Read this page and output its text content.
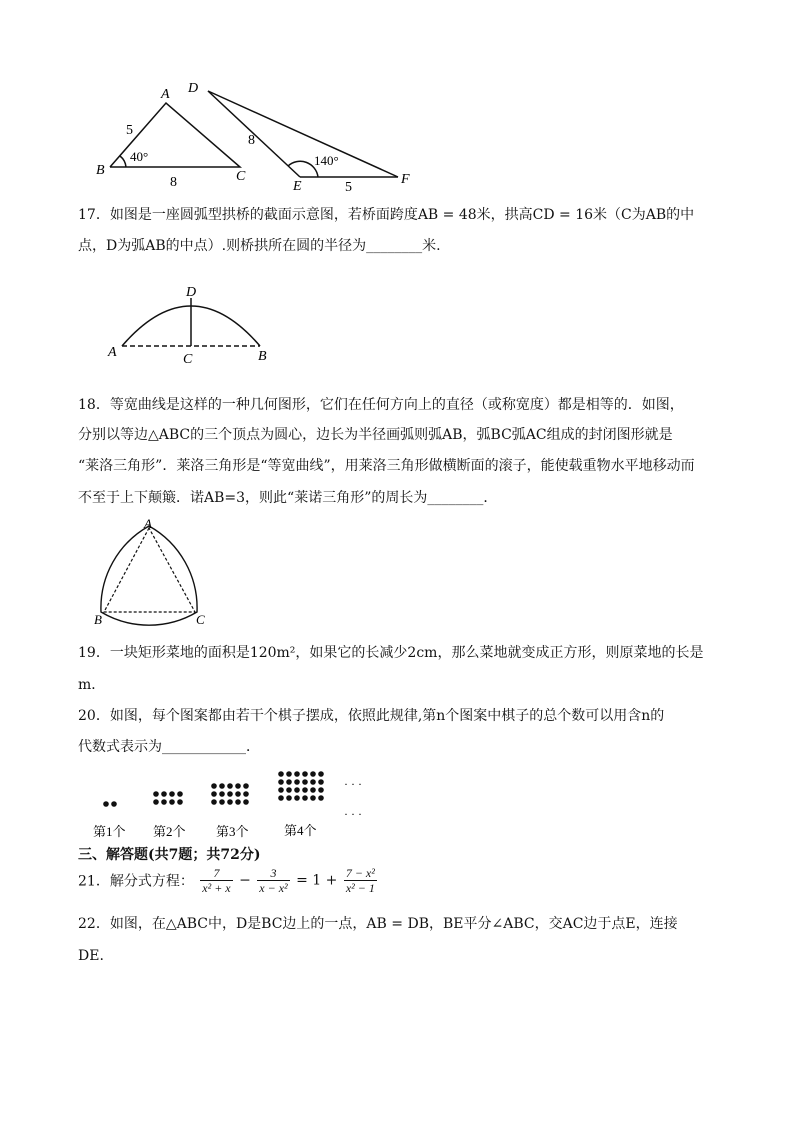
A
B	C
5
8
40°
D
E	F
8
5
140°
17．如图是一座圆弧型拱桥的截面示意图，若桥面跨度AB = 48米，拱高CD = 16米（C为AB的中
点，D为弧AB的中点）.则桥拱所在圆的半径为________米.
D
A	C	B
18．等宽曲线是这样的一种几何图形，它们在任何方向上的直径（或称宽度）都是相等的．如图，
分别以等边△ABC的三个顶点为圆心，边长为半径画弧则弧AB，弧BC弧AC组成的封闭图形就是
“莱洛三角形”．莱洛三角形是“等宽曲线”，用莱洛三角形做横断面的滚子，能使载重物水平地移动而
不至于上下颠簸．诺AB=3，则此“莱诺三角形”的周长为________．
A
B	C
19．一块矩形菜地的面积是120m²，如果它的长减少2cm，那么菜地就变成正方形，则原菜地的长是
m．
20．如图，每个图案都由若干个棋子摆成，依照此规律,第n个图案中棋子的总个数可以用含n的
代数式表示为____________．
· · ·
· · ·
第1个 第2个 第3个	第4个
三、解答题(共7题；共72分)
21．解分式方程： $\frac{7}{\text{x² + x}} - \frac{3}{\text{x − x²}} = 1 + \frac{\text{7 − x²}}{\text{x² − 1}}$
22．如图，在△ABC中，D是BC边上的一点，AB = DB，BE平分∠ABC，交AC边于点E，连接
DE.
